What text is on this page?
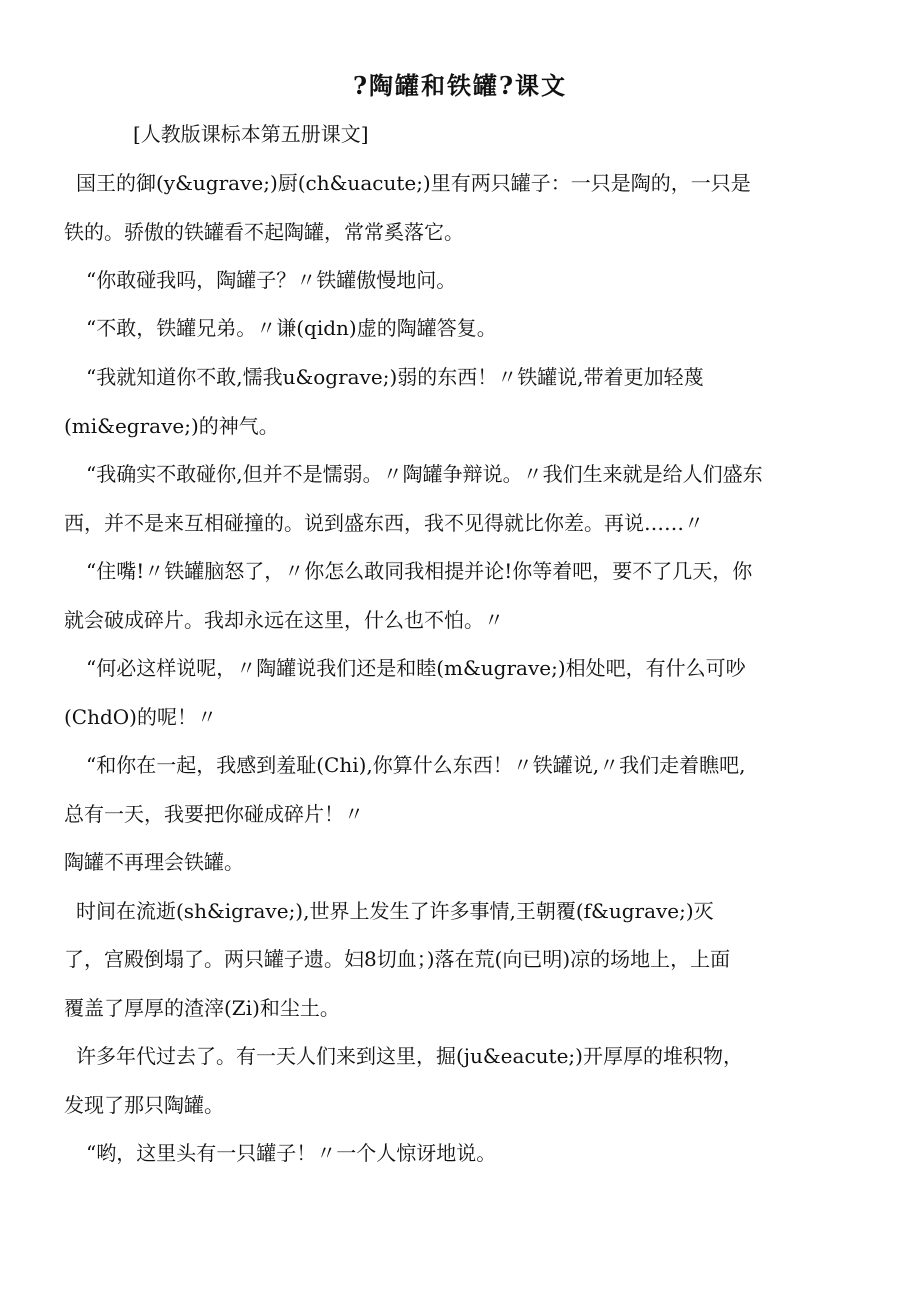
?陶罐和铁罐?课文
[人教版课标本第五册课文]
国王的御(y&ugrave;)厨(ch&uacute;)里有两只罐子：一只是陶的，一只是
铁的。骄傲的铁罐看不起陶罐，常常奚落它。
“你敢碰我吗，陶罐子？〃铁罐傲慢地问。
“不敢，铁罐兄弟。〃谦(qidn)虚的陶罐答复。
“我就知道你不敢,懦我u&ograve;)弱的东西！〃铁罐说,带着更加轻蔑
(mi&egrave;)的神气。
“我确实不敢碰你,但并不是懦弱。〃陶罐争辩说。〃我们生来就是给人们盛东
西，并不是来互相碰撞的。说到盛东西，我不见得就比你差。再说……〃
“住嘴!〃铁罐脑怒了，〃你怎么敢同我相提并论!你等着吧，要不了几天，你
就会破成碎片。我却永远在这里，什么也不怕。〃
“何必这样说呢，〃陶罐说我们还是和睦(m&ugrave;)相处吧，有什么可吵
(ChdO)的呢！〃
“和你在一起，我感到羞耻(Chi),你算什么东西！〃铁罐说,〃我们走着瞧吧,
总有一天，我要把你碰成碎片！〃
陶罐不再理会铁罐。
时间在流逝(sh&igrave;),世界上发生了许多事情,王朝覆(f&ugrave;)灭
了，宫殿倒塌了。两只罐子遗。妇8切血；)落在荒(向已明)凉的场地上，上面
覆盖了厚厚的渣滓(Zi)和尘土。
许多年代过去了。有一天人们来到这里，掘(ju&eacute;)开厚厚的堆积物，
发现了那只陶罐。
“哟，这里头有一只罐子！〃一个人惊讶地说。
